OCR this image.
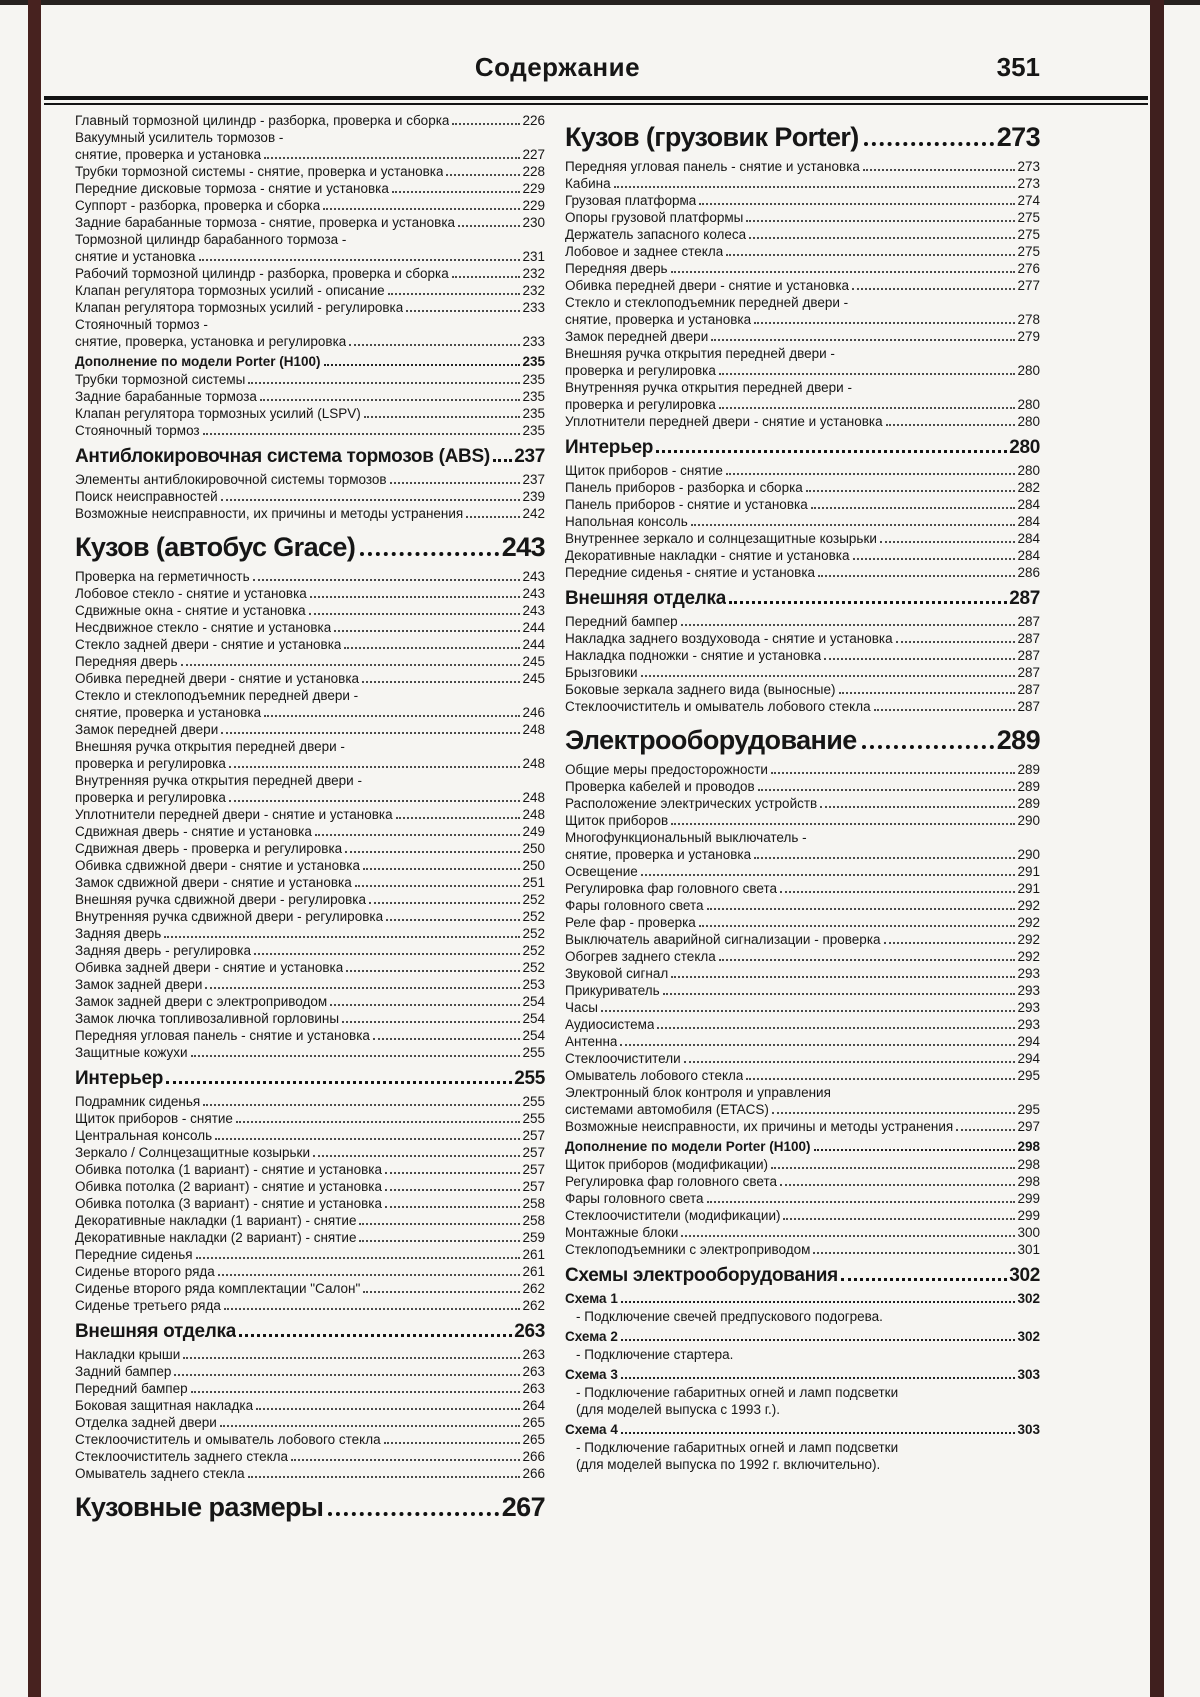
Содержание	351
Главный тормозной цилиндр - разборка, проверка и сборка	226
Вакуумный усилитель тормозов -
снятие, проверка и установка	227
Трубки тормозной системы - снятие, проверка и установка	228
Передние дисковые тормоза - снятие и установка	229
Суппорт - разборка, проверка и сборка	229
Задние барабанные тормоза - снятие, проверка и установка	230
Тормозной цилиндр барабанного тормоза -
снятие и установка	231
Рабочий тормозной цилиндр - разборка, проверка и сборка	232
Клапан регулятора тормозных усилий - описание	232
Клапан регулятора тормозных усилий - регулировка	233
Стояночный тормоз -
снятие, проверка, установка и регулировка	233
Дополнение по модели Porter (H100)	235
Трубки тормозной системы	235
Задние барабанные тормоза	235
Клапан регулятора тормозных усилий (LSPV)	235
Стояночный тормоз	235
Антиблокировочная система тормозов (ABS) 237
Элементы антиблокировочной системы тормозов	237
Поиск неисправностей	239
Возможные неисправности, их причины и методы устранения	242
Кузов (автобус Grace)	243
Проверка на герметичность	243
Лобовое стекло - снятие и установка	243
Сдвижные окна - снятие и установка	243
Несдвижное стекло - снятие и установка	244
Стекло задней двери - снятие и установка	244
Передняя дверь	245
Обивка передней двери - снятие и установка	245
Стекло и стеклоподъемник передней двери -
снятие, проверка и установка	246
Замок передней двери	248
Внешняя ручка открытия передней двери -
проверка и регулировка	248
Внутренняя ручка открытия передней двери -
проверка и регулировка	248
Уплотнители передней двери - снятие и установка	248
Сдвижная дверь - снятие и установка	249
Сдвижная дверь - проверка и регулировка	250
Обивка сдвижной двери - снятие и установка	250
Замок сдвижной двери - снятие и установка	251
Внешняя ручка сдвижной двери - регулировка	252
Внутренняя ручка сдвижной двери - регулировка	252
Задняя дверь	252
Задняя дверь - регулировка	252
Обивка задней двери - снятие и установка	252
Замок задней двери	253
Замок задней двери с электроприводом	254
Замок лючка топливозаливной горловины	254
Передняя угловая панель - снятие и установка	254
Защитные кожухи	255
Интерьер	255
Подрамник сиденья	255
Щиток приборов - снятие	255
Центральная консоль	257
Зеркало / Солнцезащитные козырьки	257
Обивка потолка (1 вариант) - снятие и установка	257
Обивка потолка (2 вариант) - снятие и установка	257
Обивка потолка (3 вариант) - снятие и установка	258
Декоративные накладки (1 вариант) - снятие	258
Декоративные накладки (2 вариант) - снятие	259
Передние сиденья	261
Сиденье второго ряда	261
Сиденье второго ряда комплектации "Салон"	262
Сиденье третьего ряда	262
Внешняя отделка	263
Накладки крыши	263
Задний бампер	263
Передний бампер	263
Боковая защитная накладка	264
Отделка задней двери	265
Стеклоочиститель и омыватель лобового стекла	265
Стеклоочиститель заднего стекла	266
Омыватель заднего стекла	266
Кузовные размеры	267
Кузов (грузовик Porter)	273
Передняя угловая панель - снятие и установка	273
Кабина	273
Грузовая платформа	274
Опоры грузовой платформы	275
Держатель запасного колеса	275
Лобовое и заднее стекла	275
Передняя дверь	276
Обивка передней двери - снятие и установка	277
Стекло и стеклоподъемник передней двери -
снятие, проверка и установка	278
Замок передней двери	279
Внешняя ручка открытия передней двери -
проверка и регулировка	280
Внутренняя ручка открытия передней двери -
проверка и регулировка	280
Уплотнители передней двери - снятие и установка	280
Интерьер	280
Щиток приборов - снятие	280
Панель приборов - разборка и сборка	282
Панель приборов - снятие и установка	284
Напольная консоль	284
Внутреннее зеркало и солнцезащитные козырьки	284
Декоративные накладки - снятие и установка	284
Передние сиденья - снятие и установка	286
Внешняя отделка	287
Передний бампер	287
Накладка заднего воздуховода - снятие и установка	287
Накладка подножки - снятие и установка	287
Брызговики	287
Боковые зеркала заднего вида (выносные)	287
Стеклоочиститель и омыватель лобового стекла	287
Электрооборудование	289
Общие меры предосторожности	289
Проверка кабелей и проводов	289
Расположение электрических устройств	289
Щиток приборов	290
Многофункциональный выключатель -
снятие, проверка и установка	290
Освещение	291
Регулировка фар головного света	291
Фары головного света	292
Реле фар - проверка	292
Выключатель аварийной сигнализации - проверка	292
Обогрев заднего стекла	292
Звуковой сигнал	293
Прикуриватель	293
Часы	293
Аудиосистема	293
Антенна	294
Стеклоочистители	294
Омыватель лобового стекла	295
Электронный блок контроля и управления
системами автомобиля (ETACS)	295
Возможные неисправности, их причины и методы устранения	297
Дополнение по модели Porter (H100)	298
Щиток приборов (модификации)	298
Регулировка фар головного света	298
Фары головного света	299
Стеклоочистители (модификации)	299
Монтажные блоки	300
Стеклоподъемники с электроприводом	301
Схемы электрооборудования	302
Схема 1	302
- Подключение свечей предпускового подогрева.
Схема 2	302
- Подключение стартера.
Схема 3	303
- Подключение габаритных огней и ламп подсветки
(для моделей выпуска с 1993 г.).
Схема 4	303
- Подключение габаритных огней и ламп подсветки
(для моделей выпуска по 1992 г. включительно).
